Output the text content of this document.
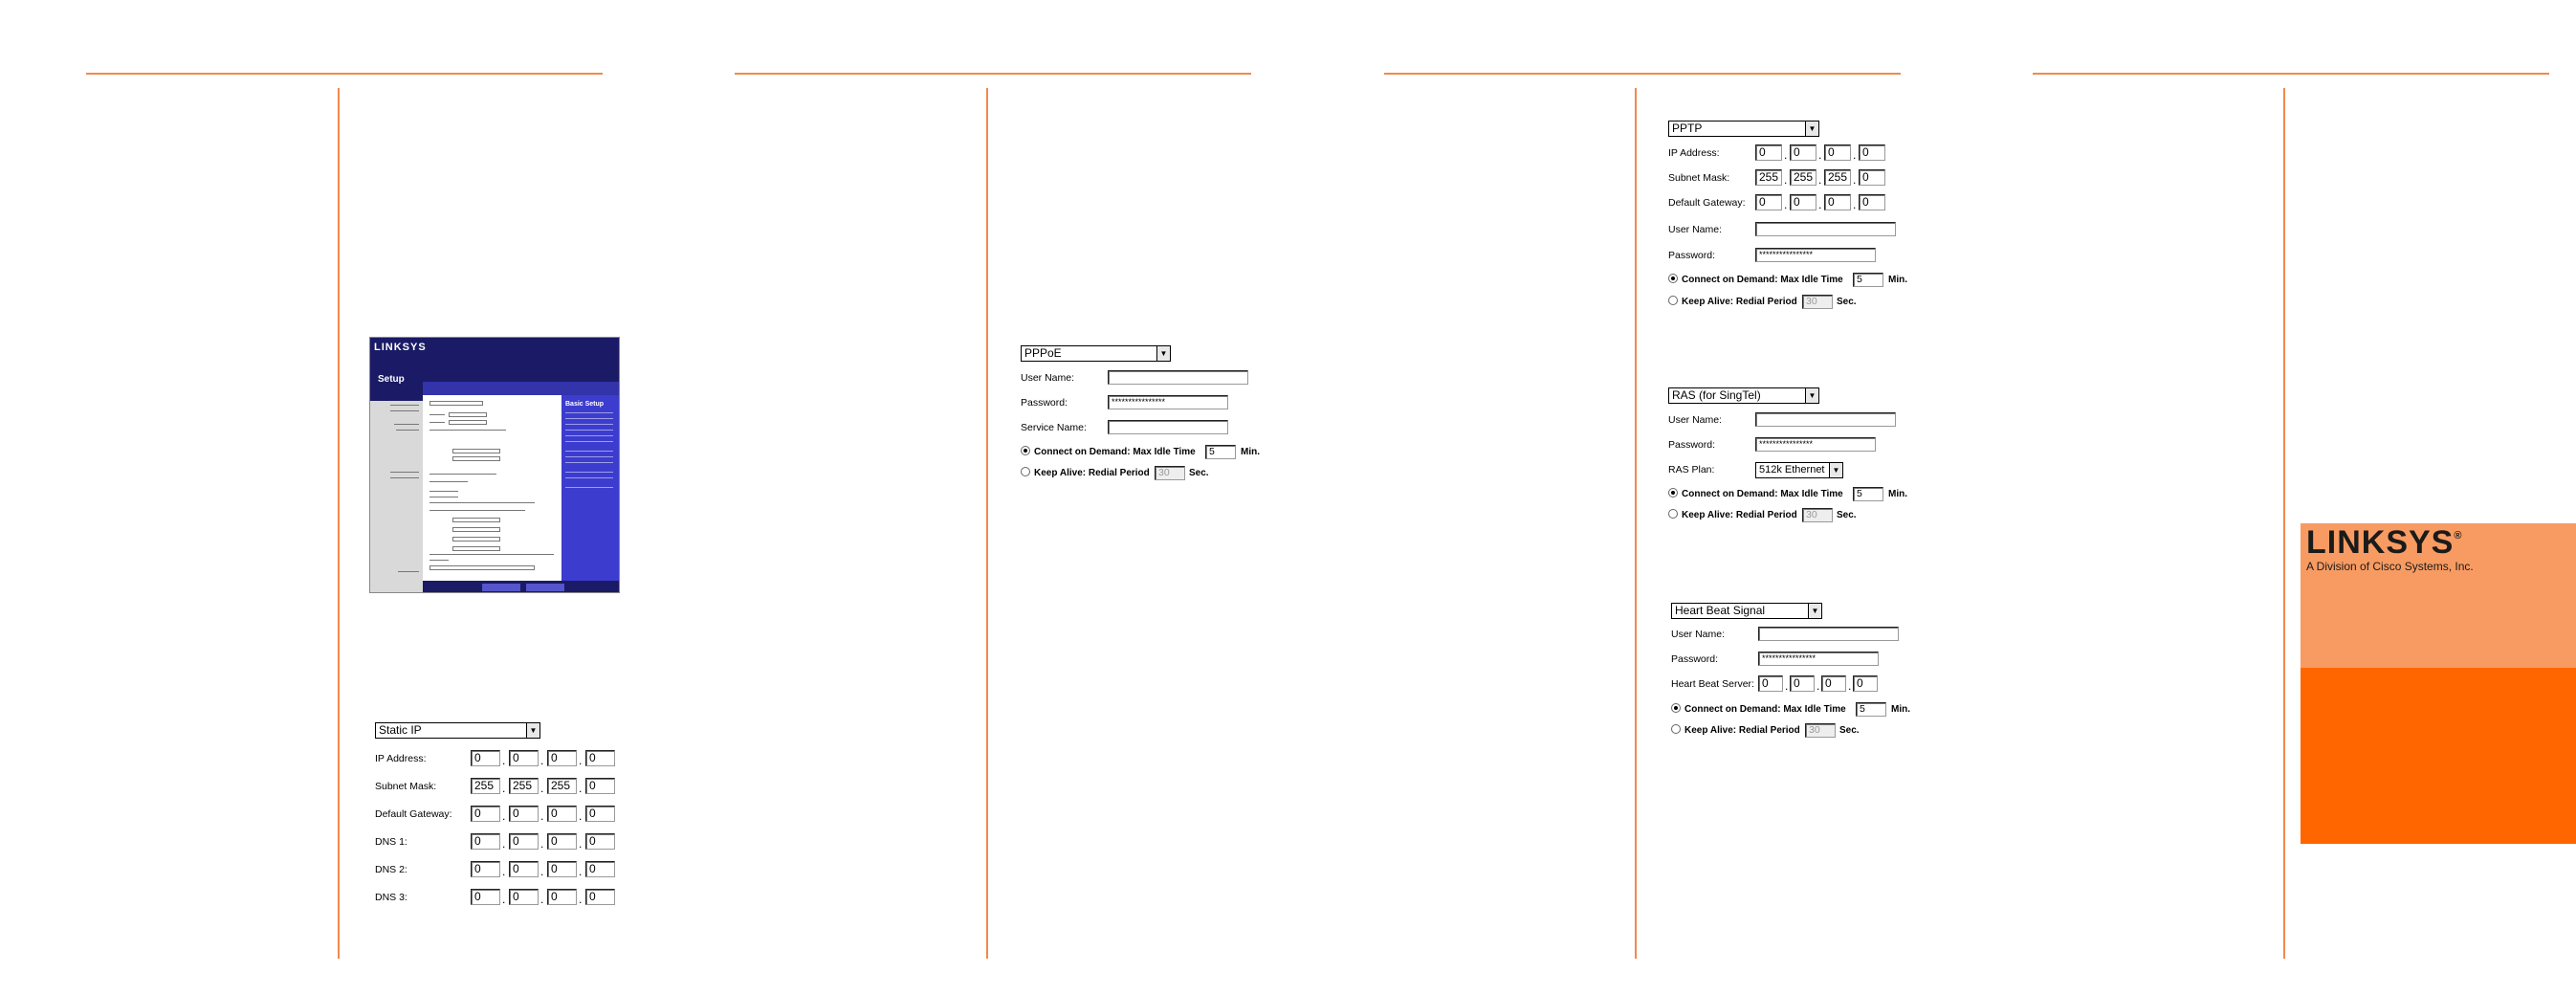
LINKSYS
Setup
Basic Setup
Static IP	▼
IP Address:	0	. 0	. 0	. 0
Subnet Mask:	255 . 255 . 255 . 0
Default Gateway:	0	. 0	. 0	. 0
DNS 1:	0	. 0	. 0	. 0
DNS 2:	0	. 0	. 0	. 0
DNS 3:	0	. 0	. 0	. 0
PPPoE	▼
User Name:
Password:	****************
Service Name:
Connect on Demand: Max Idle Time	5	Min.
Keep Alive: Redial Period 30	Sec.
PPTP	▼
IP Address:	0	. 0	. 0	. 0
Subnet Mask:	255 . 255 . 255 . 0
Default Gateway:	0	. 0	. 0	. 0
User Name:
Password:	****************
Connect on Demand: Max Idle Time	5	Min.
Keep Alive: Redial Period 30	Sec.
RAS (for SingTel)	▼
User Name:
Password:	****************
RAS Plan:	512k Ethernet	▼
Connect on Demand: Max Idle Time	5	Min.
Keep Alive: Redial Period 30	Sec.
Heart Beat Signal	▼
User Name:
Password:	****************
Heart Beat Server: 0	. 0	. 0	. 0
Connect on Demand: Max Idle Time	5	Min.
Keep Alive: Redial Period 30	Sec.
LINKSYS®
A Division of Cisco Systems, Inc.
